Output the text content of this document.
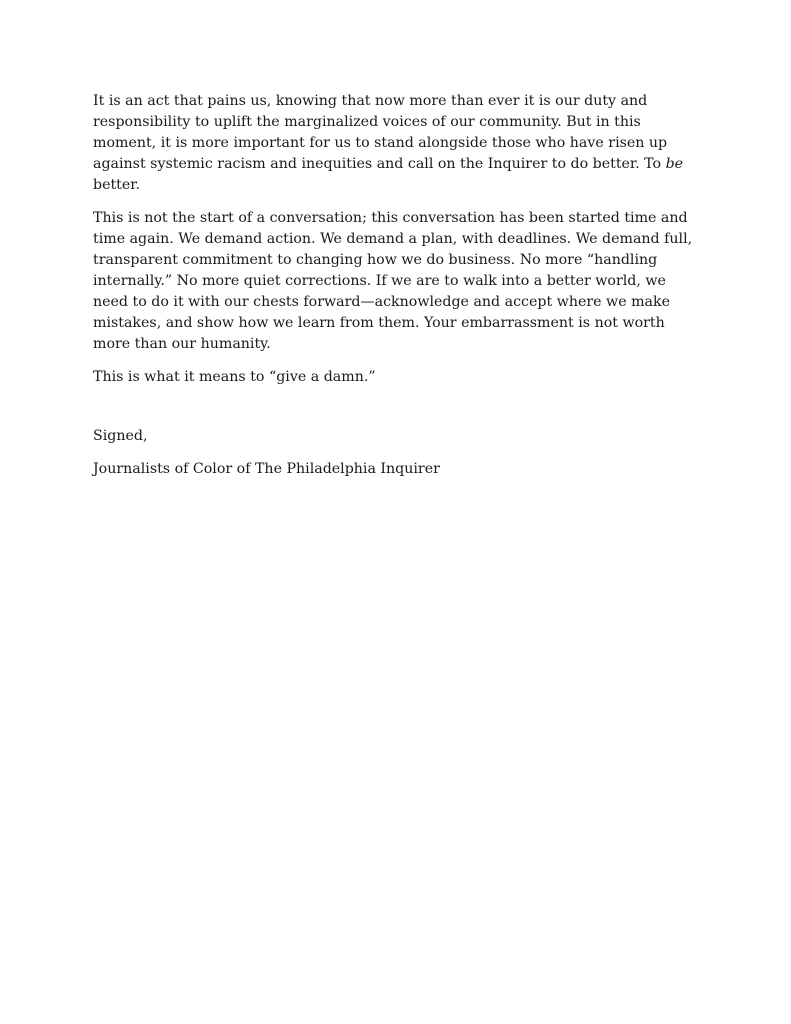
It is an act that pains us, knowing that now more than ever it is our duty and responsibility to uplift the marginalized voices of our community. But in this moment, it is more important for us to stand alongside those who have risen up against systemic racism and inequities and call on the Inquirer to do better. To be better.

This is not the start of a conversation; this conversation has been started time and time again. We demand action. We demand a plan, with deadlines. We demand full, transparent commitment to changing how we do business. No more “handling internally.” No more quiet corrections. If we are to walk into a better world, we need to do it with our chests forward—acknowledge and accept where we make mistakes, and show how we learn from them. Your embarrassment is not worth more than our humanity.

This is what it means to “give a damn.”

Signed,

Journalists of Color of The Philadelphia Inquirer
